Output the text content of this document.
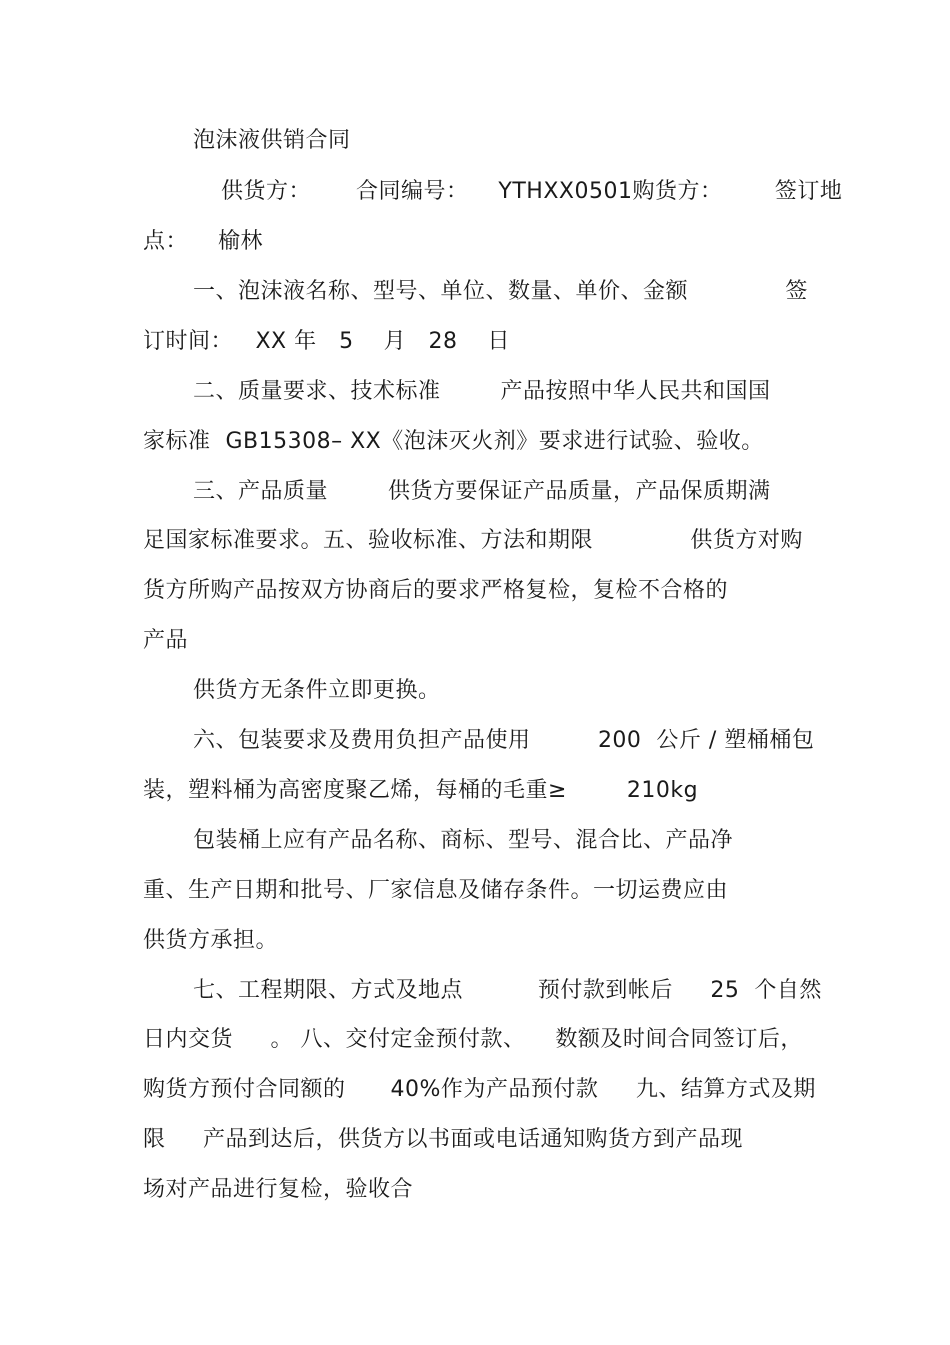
泡沫液供销合同
供货方：      合同编号：    YTHXX0501购货方：       签订地
点：    榆林
一、泡沫液名称、型号、单位、数量、单价、金额             签
订时间：   XX 年   5    月   28    日
二、质量要求、技术标准        产品按照中华人民共和国国
家标准  GB15308– XX《泡沫灭火剂》要求进行试验、验收。
三、产品质量        供货方要保证产品质量，产品保质期满
足国家标准要求。五、验收标准、方法和期限             供货方对购
货方所购产品按双方协商后的要求严格复检，复检不合格的
产品
供货方无条件立即更换。
六、包装要求及费用负担产品使用         200  公斤 / 塑桶桶包
装，塑料桶为高密度聚乙烯，每桶的毛重≥        210kg
包装桶上应有产品名称、商标、型号、混合比、产品净
重、生产日期和批号、厂家信息及储存条件。一切运费应由
供货方承担。
七、工程期限、方式及地点          预付款到帐后     25  个自然
日内交货     。 八、交付定金预付款、    数额及时间合同签订后，
购货方预付合同额的      40%作为产品预付款     九、结算方式及期
限     产品到达后，供货方以书面或电话通知购货方到产品现
场对产品进行复检，验收合
